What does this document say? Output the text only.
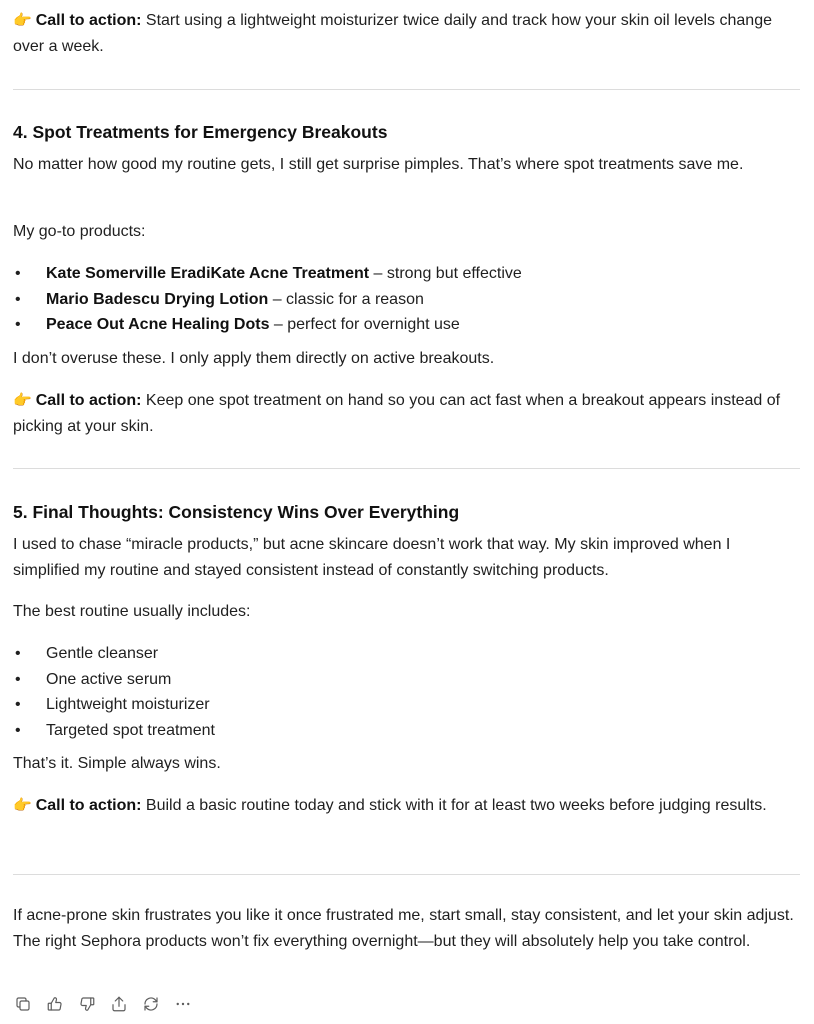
👉 Call to action: Start using a lightweight moisturizer twice daily and track how your skin oil levels change over a week.

4. Spot Treatments for Emergency Breakouts

No matter how good my routine gets, I still get surprise pimples. That’s where spot treatments save me.

My go-to products:

• Kate Somerville EradiKate Acne Treatment – strong but effective
• Mario Badescu Drying Lotion – classic for a reason
• Peace Out Acne Healing Dots – perfect for overnight use

I don’t overuse these. I only apply them directly on active breakouts.

👉 Call to action: Keep one spot treatment on hand so you can act fast when a breakout appears instead of picking at your skin.

5. Final Thoughts: Consistency Wins Over Everything

I used to chase “miracle products,” but acne skincare doesn’t work that way. My skin improved when I simplified my routine and stayed consistent instead of constantly switching products.

The best routine usually includes:

• Gentle cleanser
• One active serum
• Lightweight moisturizer
• Targeted spot treatment

That’s it. Simple always wins.

👉 Call to action: Build a basic routine today and stick with it for at least two weeks before judging results.

If acne-prone skin frustrates you like it once frustrated me, start small, stay consistent, and let your skin adjust. The right Sephora products won’t fix everything overnight—but they will absolutely help you take control.
